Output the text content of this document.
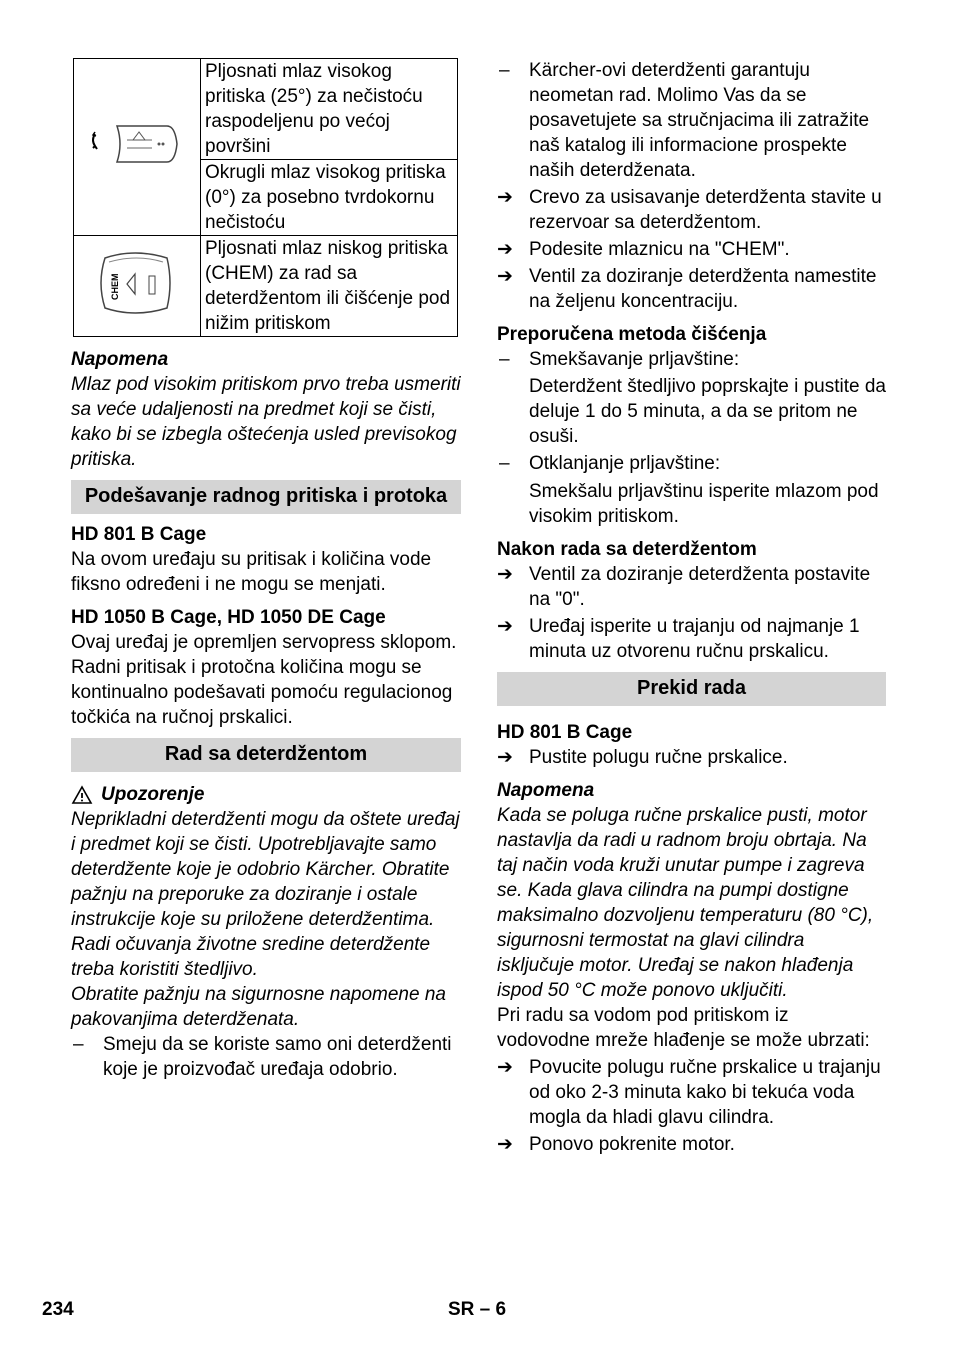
	Pljosnati mlaz visokog pritiska (25°) za nečistoću raspodeljenu po većoj površini
	Okrugli mlaz visokog pritiska (0°) za posebno tvrdokornu nečistoću

CHEM	Pljosnati mlaz niskog pritiska (CHEM) za rad sa deterdžentom ili čišćenje pod nižim pritiskom

Napomena

Mlaz pod visokim pritiskom prvo treba usmeriti sa veće udaljenosti na predmet koji se čisti, kako bi se izbegla oštećenja usled previsokog pritiska.

Podešavanje radnog pritiska i protoka

HD 801 B Cage

Na ovom uređaju su pritisak i količina vode fiksno određeni i ne mogu se menjati.

HD 1050 B Cage, HD 1050 DE Cage

Ovaj uređaj je opremljen servopress sklopom. Radni pritisak i protočna količina mogu se kontinualno podešavati pomoću regulacionog točkića na ručnoj prskalici.

Rad sa deterdžentom
Upozorenje

Neprikladni deterdženti mogu da oštete uređaj i predmet koji se čisti. Upotrebljavajte samo deterdžente koje je odobrio Kärcher. Obratite pažnju na preporuke za doziranje i ostale instrukcije koje su priložene deterdžentima. Radi očuvanja životne sredine deterdžente treba koristiti štedljivo.

Obratite pažnju na sigurnosne napomene na pakovanjima deterdženata.

–	Smeju da se koriste samo oni deterdženti koje je proizvođač uređaja odobrio.
–	Kärcher-ovi deterdženti garantuju neometan rad. Molimo Vas da se posavetujete sa stručnjacima ili zatražite naš katalog ili informacione prospekte naših deterdženata.
➔ Crevo za usisavanje deterdženta stavite u rezervoar sa deterdžentom.
➔ Podesite mlaznicu na "CHEM".
➔ Ventil za doziranje deterdženta namestite na željenu koncentraciju.

Preporučena metoda čišćenja

–	Smekšavanje prljavštine:

Deterdžent štedljivo poprskajte i pustite da deluje 1 do 5 minuta, a da se pritom ne osuši.

–	Otklanjanje prljavštine:

Smekšalu prljavštinu isperite mlazom pod visokim pritiskom.

Nakon rada sa deterdžentom

➔ Ventil za doziranje deterdženta postavite na "0".
➔ Uređaj isperite u trajanju od najmanje 1 minuta uz otvorenu ručnu prskalicu.
Prekid rada

HD 801 B Cage

➔ Pustite polugu ručne prskalice.

Napomena

Kada se poluga ručne prskalice pusti, motor nastavlja da radi u radnom broju obrtaja. Na taj način voda kruži unutar pumpe i zagreva se. Kada glava cilindra na pumpi dostigne maksimalno dozvoljenu temperaturu (80 °C), sigurnosni termostat na glavi cilindra isključuje motor. Uređaj se nakon hlađenja ispod 50 °C može ponovo uključiti.

Pri radu sa vodom pod pritiskom iz vodovodne mreže hlađenje se može ubrzati:

➔ Povucite polugu ručne prskalice u trajanju od oko 2-3 minuta kako bi tekuća voda mogla da hladi glavu cilindra.
➔ Ponovo pokrenite motor.
234	SR – 6
